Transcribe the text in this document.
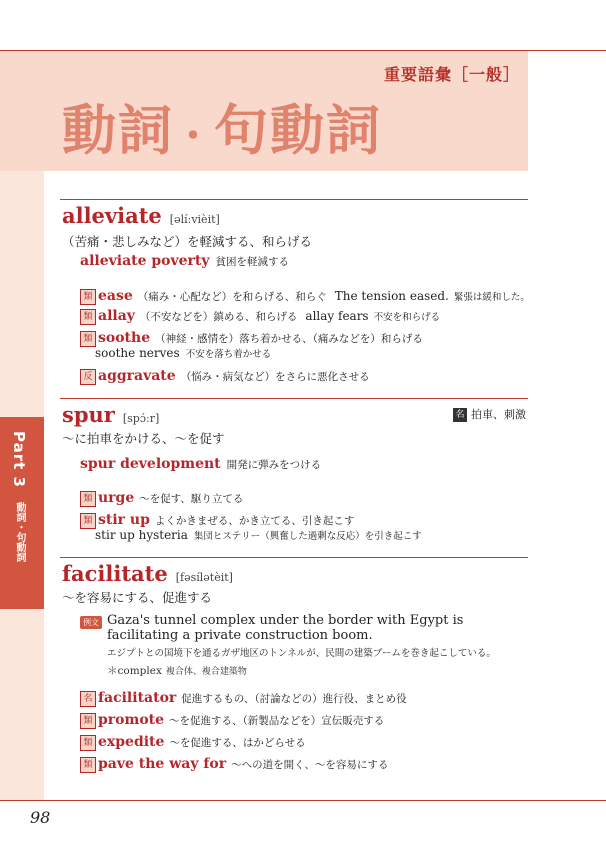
重要語彙［一般］
動詞・句動詞
Part 3 動詞・句動詞
alleviate [əlíːvièit]
（苦痛・悲しみなど）を軽減する、和らげる
alleviate poverty 貧困を軽減する
類 ease （痛み・心配など）を和らげる、和らぐ The tension eased. 緊張は緩和した。
類 allay （不安などを）鎮める、和らげる allay fears 不安を和らげる
類 soothe （神経・感情を）落ち着かせる、（痛みなどを）和らげる
soothe nerves 不安を落ち着かせる
反 aggravate （悩み・病気など）をさらに悪化させる
spur [spɔ́ːr]	名 拍車、刺激
～に拍車をかける、～を促す
spur development 開発に弾みをつける
類 urge ～を促す、駆り立てる
類 stir up よくかきまぜる、かき立てる、引き起こす
stir up hysteria 集団ヒステリー（興奮した過剰な反応）を引き起こす
facilitate [fəsílətèit]
～を容易にする、促進する
例文 Gaza's tunnel complex under the border with Egypt is facilitating a private construction boom.
エジプトとの国境下を通るガザ地区のトンネルが、民間の建築ブームを巻き起こしている。
＊complex 複合体、複合建築物
名 facilitator 促進するもの、（討論などの）進行役、まとめ役
類 promote ～を促進する、（新製品などを）宣伝販売する
類 expedite ～を促進する、はかどらせる
類 pave the way for ～への道を開く、～を容易にする
98
